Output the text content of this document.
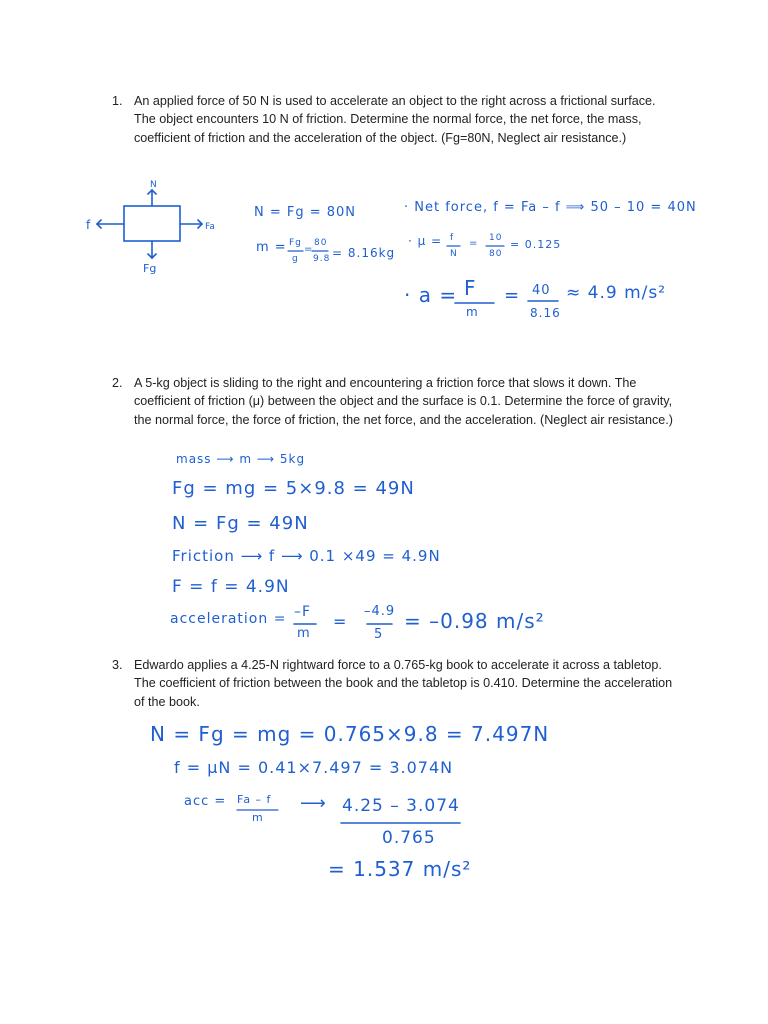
1. An applied force of 50 N is used to accelerate an object to the right across a frictional surface. The object encounters 10 N of friction. Determine the normal force, the net force, the mass, coefficient of friction and the acceleration of the object. (Fg=80N, Neglect air resistance.)
N
f	Fa
Fg
N = Fg = 80N
m = Fg
g
=
80
9.8 = 8.16kg
· Net force, f = Fa – f ⟹ 50 – 10 = 40N
· μ = f
N
= 10
80
= 0.125
· a = F
m
= 40
8.16
≈ 4.9 m/s²
2. A 5-kg object is sliding to the right and encountering a friction force that slows it down. The coefficient of friction (μ) between the object and the surface is 0.1. Determine the force of gravity, the normal force, the force of friction, the net force, and the acceleration. (Neglect air resistance.)
mass ⟶ m ⟶ 5kg
Fg = mg = 5×9.8 = 49N
N = Fg = 49N
Friction ⟶ f ⟶ 0.1 ×49 = 4.9N
F = f = 4.9N
acceleration = –F
m
=
–4.9
5
= –0.98 m/s²
3. Edwardo applies a 4.25-N rightward force to a 0.765-kg book to accelerate it across a tabletop. The coefficient of friction between the book and the tabletop is 0.410. Determine the acceleration of the book.
N = Fg = mg = 0.765×9.8 = 7.497N
f = μN = 0.41×7.497 = 3.074N
acc = Fa – f
m
⟶ 4.25 – 3.074
0.765
= 1.537 m/s²
